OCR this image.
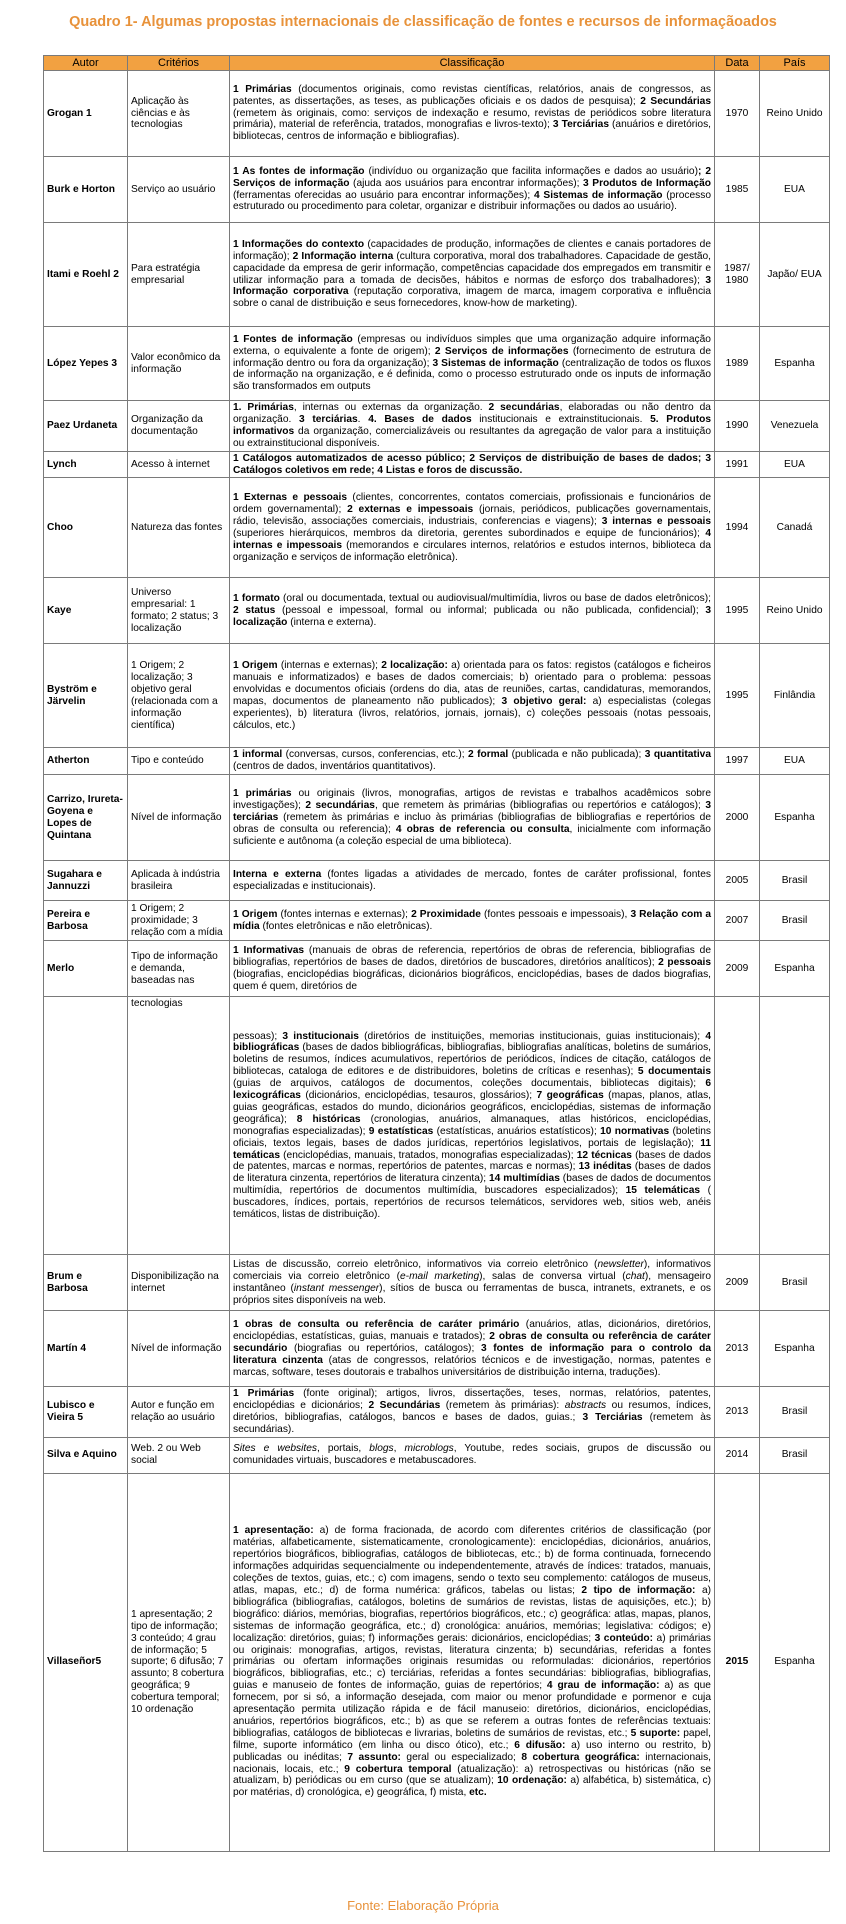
Quadro 1- Algumas propostas internacionais de classificação de fontes e recursos de informaçãoados
Autor	Critérios	Classificação	Data	País
Grogan 1	Aplicação às ciências e às tecnologias	1 Primárias (documentos originais, como revistas científicas, relatórios, anais de congressos, as patentes, as dissertações, as teses, as publicações oficiais e os dados de pesquisa); 2 Secundárias (remetem às originais, como: serviços de indexação e resumo, revistas de periódicos sobre literatura primária), material de referência, tratados, monografias e livros-texto); 3 Terciárias (anuários e diretórios, bibliotecas, centros de informação e bibliografias).	1970	Reino Unido
Burk e Horton	Serviço ao usuário	1 As fontes de informação (indivíduo ou organização que facilita informações e dados ao usuário); 2 Serviços de informação (ajuda aos usuários para encontrar informações); 3 Produtos de Informação (ferramentas oferecidas ao usuário para encontrar informações); 4 Sistemas de informação (processo estruturado ou procedimento para coletar, organizar e distribuir informações ou dados ao usuário).	1985	EUA
Itami e Roehl 2	Para estratégia empresarial	1 Informações do contexto (capacidades de produção, informações de clientes e canais portadores de informação); 2 Informação interna (cultura corporativa, moral dos trabalhadores. Capacidade de gestão, capacidade da empresa de gerir informação, competências capacidade dos empregados em transmitir e utilizar informação para a tomada de decisões, hábitos e normas de esforço dos trabalhadores); 3 Informação corporativa (reputação corporativa, imagem de marca, imagem corporativa e influência sobre o canal de distribuição e seus fornecedores, know-how de marketing).	1987/ 1980	Japão/ EUA
López Yepes 3	Valor econômico da informação	1 Fontes de informação (empresas ou indivíduos simples que uma organização adquire informação externa, o equivalente a fonte de origem); 2 Serviços de informações (fornecimento de estrutura de informação dentro ou fora da organização); 3 Sistemas de informação (centralização de todos os fluxos de informação na organização, e é definida, como o processo estruturado onde os inputs de informação são transformados em outputs	1989	Espanha
Paez Urdaneta	Organização da documentação	1. Primárias, internas ou externas da organização. 2 secundárias, elaboradas ou não dentro da organização. 3 terciárias. 4. Bases de dados institucionais e extrainstitucionais. 5. Produtos informativos da organização, comercializáveis ou resultantes da agregação de valor para a instituição ou extrainstitucional disponíveis.	1990	Venezuela
Lynch	Acesso à internet	1 Catálogos automatizados de acesso público; 2 Serviços de distribuição de bases de dados; 3 Catálogos coletivos em rede; 4 Listas e foros de discussão.	1991	EUA
Choo	Natureza das fontes	1 Externas e pessoais (clientes, concorrentes, contatos comerciais, profissionais e funcionários de ordem governamental); 2 externas e impessoais (jornais, periódicos, publicações governamentais, rádio, televisão, associações comerciais, industriais, conferencias e viagens); 3 internas e pessoais (superiores hierárquicos, membros da diretoria, gerentes subordinados e equipe de funcionários); 4 internas e impessoais (memorandos e circulares internos, relatórios e estudos internos, biblioteca da organização e serviços de informação eletrônica).	1994	Canadá
Kaye	Universo empresarial: 1 formato; 2 status; 3 localização	1 formato (oral ou documentada, textual ou audiovisual/multimídia, livros ou base de dados eletrônicos); 2 status (pessoal e impessoal, formal ou informal; publicada ou não publicada, confidencial); 3 localização (interna e externa).	1995	Reino Unido
Byström e Järvelin	1 Origem; 2 localização; 3 objetivo geral (relacionada com a informação científica)	1 Origem (internas e externas); 2 localização: a) orientada para os fatos: registos (catálogos e ficheiros manuais e informatizados) e bases de dados comerciais; b) orientado para o problema: pessoas envolvidas e documentos oficiais (ordens do dia, atas de reuniões, cartas, candidaturas, memorandos, mapas, documentos de planeamento não publicados); 3 objetivo geral: a) especialistas (colegas experientes), b) literatura (livros, relatórios, jornais, jornais), c) coleções pessoais (notas pessoais, cálculos, etc.)	1995	Finlândia
Atherton	Tipo e conteúdo	1 informal (conversas, cursos, conferencias, etc.); 2 formal (publicada e não publicada); 3 quantitativa (centros de dados, inventários quantitativos).	1997	EUA
Carrizo, Irureta-Goyena e Lopes de Quintana	Nível de informação	1 primárias ou originais (livros, monografias, artigos de revistas e trabalhos acadêmicos sobre investigações); 2 secundárias, que remetem às primárias (bibliografias ou repertórios e catálogos); 3 terciárias (remetem às primárias e incluo às primárias (bibliografias de bibliografias e repertórios de obras de consulta ou referencia); 4 obras de referencia ou consulta, inicialmente com informação suficiente e autônoma (a coleção especial de uma biblioteca).	2000	Espanha
Sugahara e Jannuzzi	Aplicada à indústria brasileira	Interna e externa (fontes ligadas a atividades de mercado, fontes de caráter profissional, fontes especializadas e institucionais).	2005	Brasil
Pereira e Barbosa	1 Origem; 2 proximidade; 3 relação com a mídia	1 Origem (fontes internas e externas); 2 Proximidade (fontes pessoais e impessoais), 3 Relação com a mídia (fontes eletrônicas e não eletrônicas).	2007	Brasil
Merlo	Tipo de informação e demanda, baseadas nas	1 Informativas (manuais de obras de referencia, repertórios de obras de referencia, bibliografias de bibliografias, repertórios de bases de dados, diretórios de buscadores, diretórios analíticos); 2 pessoais (biografias, enciclopédias biográficas, dicionários biográficos, enciclopédias, bases de dados biografias, quem é quem, diretórios de	2009	Espanha
	tecnologias	pessoas); 3 institucionais (diretórios de instituições, memorias institucionais, guias institucionais); 4 bibliográficas (bases de dados bibliográficas, bibliografias, bibliografias analíticas, boletins de sumários, boletins de resumos, índices acumulativos, repertórios de periódicos, índices de citação, catálogos de bibliotecas, cataloga de editores e de distribuidores, boletins de críticas e resenhas); 5 documentais (guias de arquivos, catálogos de documentos, coleções documentais, bibliotecas digitais); 6 lexicográficas (dicionários, enciclopédias, tesauros, glossários); 7 geográficas (mapas, planos, atlas, guias geográficas, estados do mundo, dicionários geográficos, enciclopédias, sistemas de informação geográfica); 8 históricas (cronologias, anuários, almanaques, atlas históricos, enciclopédias, monografias especializadas); 9 estatísticas (estatísticas, anuários estatísticos); 10 normativas (boletins oficiais, textos legais, bases de dados jurídicas, repertórios legislativos, portais de legislação); 11 temáticas (enciclopédias, manuais, tratados, monografias especializadas); 12 técnicas (bases de dados de patentes, marcas e normas, repertórios de patentes, marcas e normas); 13 inéditas (bases de dados de literatura cinzenta, repertórios de literatura cinzenta); 14 multimídias (bases de dados de documentos multimídia, repertórios de documentos multimídia, buscadores especializados); 15 telemáticas ( buscadores, índices, portais, repertórios de recursos telemáticos, servidores web, sitios web, anéis temáticos, listas de distribuição).		
Brum e Barbosa	Disponibilização na internet	Listas de discussão, correio eletrônico, informativos via correio eletrônico (newsletter), informativos comerciais via correio eletrônico (e-mail marketing), salas de conversa virtual (chat), mensageiro instantâneo (instant messenger), sítios de busca ou ferramentas de busca, intranets, extranets, e os próprios sites disponíveis na web.	2009	Brasil
Martín 4	Nível de informação	1 obras de consulta ou referência de caráter primário (anuários, atlas, dicionários, diretórios, enciclopédias, estatísticas, guias, manuais e tratados); 2 obras de consulta ou referência de caráter secundário (biografias ou repertórios, catálogos); 3 fontes de informação para o controlo da literatura cinzenta (atas de congressos, relatórios técnicos e de investigação, normas, patentes e marcas, software, teses doutorais e trabalhos universitários de distribuição interna, traduções).	2013	Espanha
Lubisco e Vieira 5	Autor e função em relação ao usuário	1 Primárias (fonte original); artigos, livros, dissertações, teses, normas, relatórios, patentes, enciclopédias e dicionários; 2 Secundárias (remetem às primárias): abstracts ou resumos, índices, diretórios, bibliografias, catálogos, bancos e bases de dados, guias.; 3 Terciárias (remetem às secundárias).	2013	Brasil
Silva e Aquino	Web. 2 ou Web social	Sites e websites, portais, blogs, microblogs, Youtube, redes sociais, grupos de discussão ou comunidades virtuais, buscadores e metabuscadores.	2014	Brasil
Villaseñor5	1 apresentação; 2 tipo de informação; 3 conteúdo; 4 grau de informação; 5 suporte; 6 difusão; 7 assunto; 8 cobertura geográfica; 9 cobertura temporal; 10 ordenação	1 apresentação: a) de forma fracionada, de acordo com diferentes critérios de classificação (por matérias, alfabeticamente, sistematicamente, cronologicamente): enciclopédias, dicionários, anuários, repertórios biográficos, bibliografias, catálogos de bibliotecas, etc.; b) de forma continuada, fornecendo informações adquiridas sequencialmente ou independentemente, através de índices: tratados, manuais, coleções de textos, guias, etc.; c) com imagens, sendo o texto seu complemento: catálogos de museus, atlas, mapas, etc.; d) de forma numérica: gráficos, tabelas ou listas; 2 tipo de informação: a) bibliográfica (bibliografias, catálogos, boletins de sumários de revistas, listas de aquisições, etc.); b) biográfico: diários, memórias, biografias, repertórios biográficos, etc.; c) geográfica: atlas, mapas, planos, sistemas de informação geográfica, etc.; d) cronológica: anuários, memórias; legislativa: códigos; e) localização: diretórios, guias; f) informações gerais: dicionários, enciclopédias; 3 conteúdo: a) primárias ou originais: monografias, artigos, revistas, literatura cinzenta; b) secundárias, referidas a fontes primárias ou ofertam informações originais resumidas ou reformuladas: dicionários, repertórios biográficos, bibliografias, etc.; c) terciárias, referidas a fontes secundárias: bibliografias, bibliografias, guias e manuseio de fontes de informação, guias de repertórios; 4 grau de informação: a) as que fornecem, por si só, a informação desejada, com maior ou menor profundidade e pormenor e cuja apresentação permita utilização rápida e de fácil manuseio: diretórios, dicionários, enciclopédias, anuários, repertórios biográficos, etc.; b) as que se referem a outras fontes de referências textuais: bibliografias, catálogos de bibliotecas e livrarias, boletins de sumários de revistas, etc.; 5 suporte: papel, filme, suporte informático (em linha ou disco ótico), etc.; 6 difusão: a) uso interno ou restrito, b) publicadas ou inéditas; 7 assunto: geral ou especializado; 8 cobertura geográfica: internacionais, nacionais, locais, etc.; 9 cobertura temporal (atualização): a) retrospectivas ou históricas (não se atualizam, b) periódicas ou em curso (que se atualizam); 10 ordenação: a) alfabética, b) sistemática, c) por matérias, d) cronológica, e) geográfica, f) mista, etc.	2015	Espanha
Fonte: Elaboração Própria
